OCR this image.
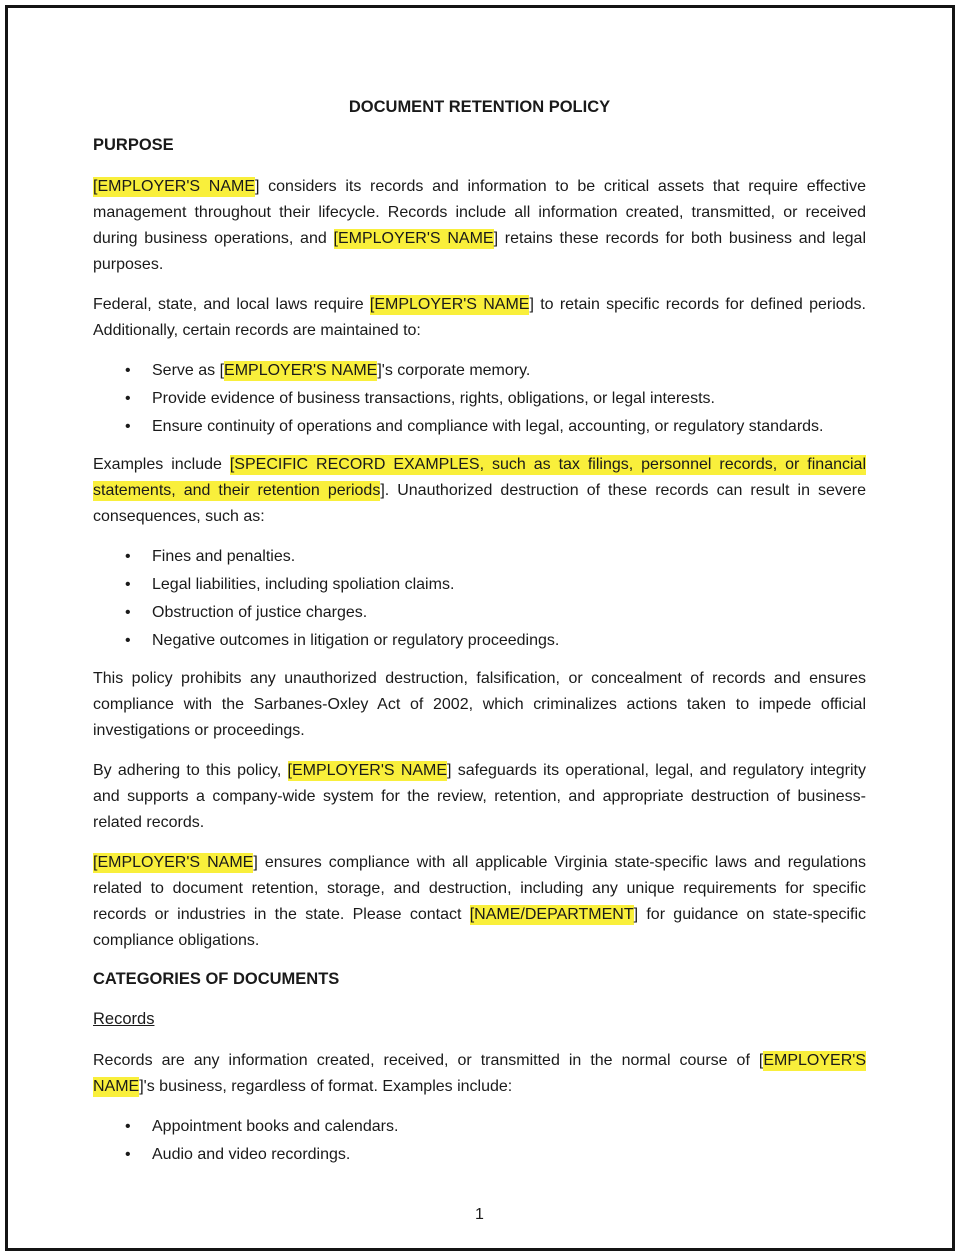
DOCUMENT RETENTION POLICY
PURPOSE

[EMPLOYER'S NAME] considers its records and information to be critical assets that require effective management throughout their lifecycle. Records include all information created, transmitted, or received during business operations, and [EMPLOYER'S NAME] retains these records for both business and legal purposes.

Federal, state, and local laws require [EMPLOYER'S NAME] to retain specific records for defined periods. Additionally, certain records are maintained to:

• Serve as [EMPLOYER'S NAME]'s corporate memory.
• Provide evidence of business transactions, rights, obligations, or legal interests.
• Ensure continuity of operations and compliance with legal, accounting, or regulatory standards.

Examples include [SPECIFIC RECORD EXAMPLES, such as tax filings, personnel records, or financial statements, and their retention periods]. Unauthorized destruction of these records can result in severe consequences, such as:

• Fines and penalties.
• Legal liabilities, including spoliation claims.
• Obstruction of justice charges.
• Negative outcomes in litigation or regulatory proceedings.

This policy prohibits any unauthorized destruction, falsification, or concealment of records and ensures compliance with the Sarbanes-Oxley Act of 2002, which criminalizes actions taken to impede official investigations or proceedings.

By adhering to this policy, [EMPLOYER'S NAME] safeguards its operational, legal, and regulatory integrity and supports a company-wide system for the review, retention, and appropriate destruction of business-related records.

[EMPLOYER'S NAME] ensures compliance with all applicable Virginia state-specific laws and regulations related to document retention, storage, and destruction, including any unique requirements for specific records or industries in the state. Please contact [NAME/DEPARTMENT] for guidance on state-specific compliance obligations.

CATEGORIES OF DOCUMENTS
Records

Records are any information created, received, or transmitted in the normal course of [EMPLOYER'S NAME]'s business, regardless of format. Examples include:

• Appointment books and calendars.
• Audio and video recordings.
1
